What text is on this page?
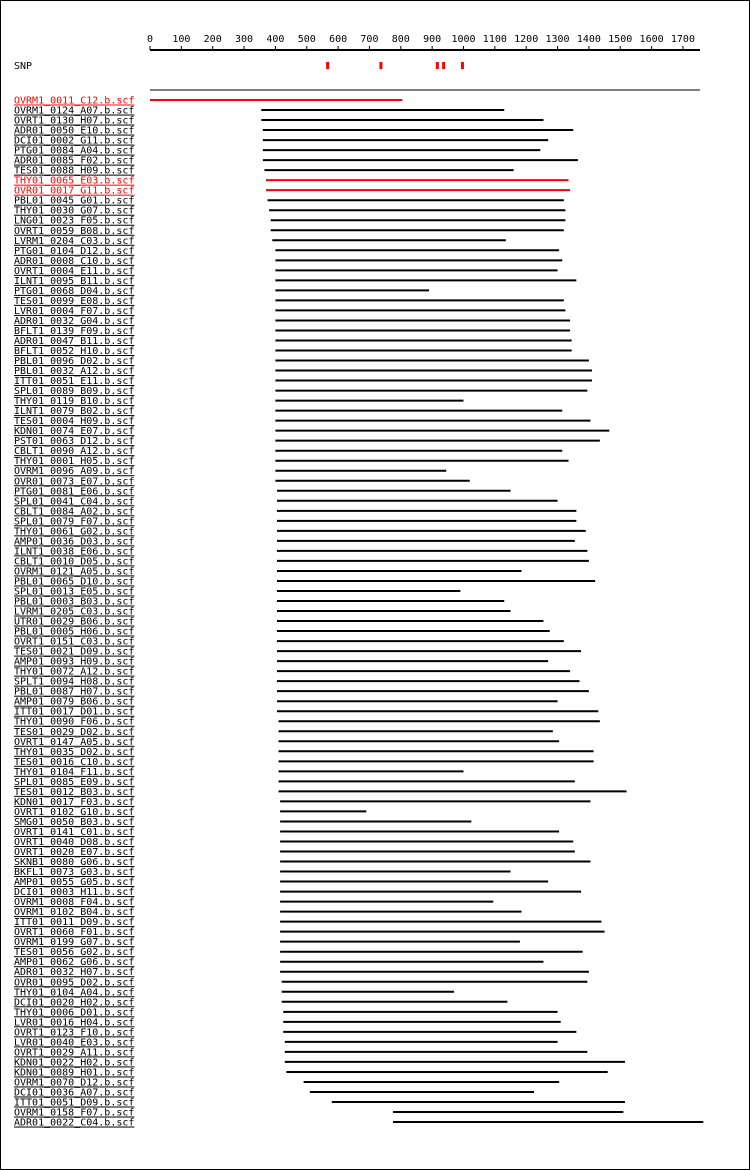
0 100 200 300 400 500 600 700 800 900 1000 1100 1200 1300 1400 1500 1600 1700
SNP
OVRM1_0011_C12.b.scf
OVRM1_0124_A07.b.scf
OVRT1_0130_H07.b.scf
ADR01_0050_E10.b.scf
DCI01_0002_G11.b.scf
PTG01_0084_A04.b.scf
ADR01_0085_F02.b.scf
TES01_0088_H09.b.scf
THY01_0065_E03.b.scf
OVR01_0017_G11.b.scf
PBL01_0045_G01.b.scf
THY01_0030_G07.b.scf
LNG01_0023_F05.b.scf
OVRT1_0059_B08.b.scf
LVRM1_0204_C03.b.scf
PTG01_0104_D12.b.scf
ADR01_0008_C10.b.scf
OVRT1_0004_E11.b.scf
ILNT1_0095_B11.b.scf
PTG01_0068_D04.b.scf
TES01_0099_E08.b.scf
LVR01_0004_F07.b.scf
ADR01_0032_G04.b.scf
BFLT1_0139_F09.b.scf
ADR01_0047_B11.b.scf
BFLT1_0052_H10.b.scf
PBL01_0096_D02.b.scf
PBL01_0032_A12.b.scf
ITT01_0051_E11.b.scf
SPL01_0089_B09.b.scf
THY01_0119_B10.b.scf
ILNT1_0079_B02.b.scf
TES01_0004_H09.b.scf
KDN01_0074_E07.b.scf
PST01_0063_D12.b.scf
CBLT1_0090_A12.b.scf
THY01_0001_H05.b.scf
OVRM1_0096_A09.b.scf
OVR01_0073_E07.b.scf
PTG01_0081_E06.b.scf
SPL01_0041_C04.b.scf
CBLT1_0084_A02.b.scf
SPL01_0079_F07.b.scf
THY01_0061_G02.b.scf
AMP01_0036_D03.b.scf
ILNT1_0038_E06.b.scf
CBLT1_0010_D05.b.scf
OVRM1_0121_A05.b.scf
PBL01_0065_D10.b.scf
SPL01_0013_E05.b.scf
PBL01_0003_B03.b.scf
LVRM1_0205_C03.b.scf
UTR01_0029_B06.b.scf
PBL01_0005_H06.b.scf
OVRT1_0151_C03.b.scf
TES01_0021_D09.b.scf
AMP01_0093_H09.b.scf
THY01_0072_A12.b.scf
SPLT1_0094_H08.b.scf
PBL01_0087_H07.b.scf
AMP01_0079_B06.b.scf
ITT01_0017_D01.b.scf
THY01_0090_F06.b.scf
TES01_0029_D02.b.scf
OVRT1_0147_A05.b.scf
THY01_0035_D02.b.scf
TES01_0016_C10.b.scf
THY01_0104_F11.b.scf
SPL01_0085_E09.b.scf
TES01_0012_B03.b.scf
KDN01_0017_F03.b.scf
OVRT1_0102_G10.b.scf
SMG01_0050_B03.b.scf
OVRT1_0141_C01.b.scf
OVRT1_0040_D08.b.scf
OVRT1_0020_E07.b.scf
SKNB1_0080_G06.b.scf
BKFL1_0073_G03.b.scf
AMP01_0055_G05.b.scf
DCI01_0003_H11.b.scf
OVRM1_0008_F04.b.scf
OVRM1_0102_B04.b.scf
ITT01_0011_D09.b.scf
OVRT1_0060_F01.b.scf
OVRM1_0199_G07.b.scf
TES01_0056_G02.b.scf
AMP01_0062_G06.b.scf
ADR01_0032_H07.b.scf
OVR01_0095_D02.b.scf
THY01_0104_A04.b.scf
DCI01_0020_H02.b.scf
THY01_0006_D01.b.scf
LVR01_0016_H04.b.scf
OVRT1_0123_F10.b.scf
LVR01_0040_E03.b.scf
OVRT1_0029_A11.b.scf
KDN01_0022_H02.b.scf
KDN01_0089_H01.b.scf
OVRM1_0070_D12.b.scf
DCI01_0036_A07.b.scf
ITT01_0051_D09.b.scf
OVRM1_0158_F07.b.scf
ADR01_0022_C04.b.scf
